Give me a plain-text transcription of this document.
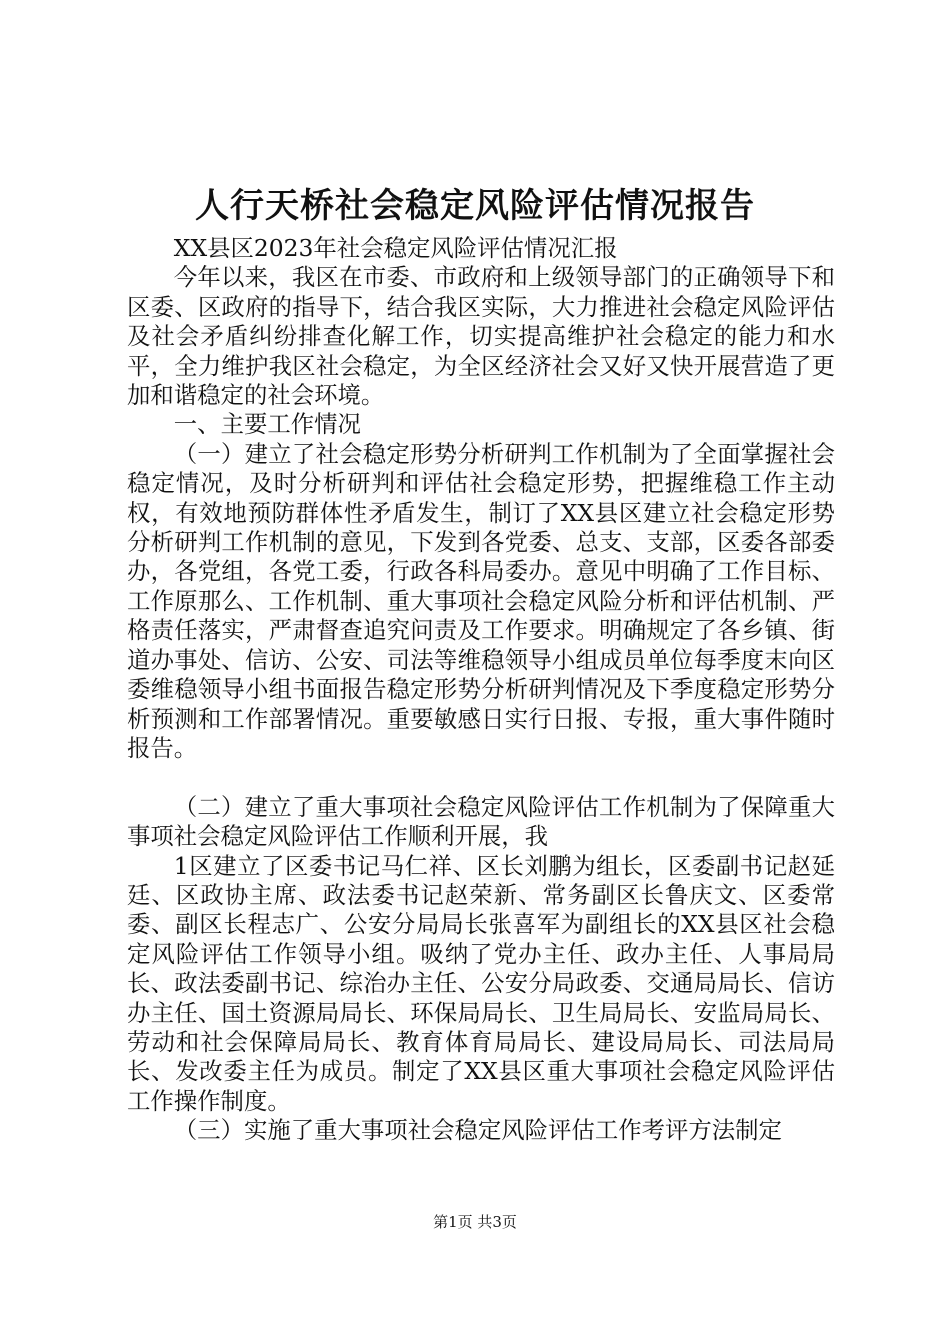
人行天桥社会稳定风险评估情况报告

XX县区2023年社会稳定风险评估情况汇报

今年以来，我区在市委、市政府和上级领导部门的正确领导下和区委、区政府的指导下，结合我区实际，大力推进社会稳定风险评估及社会矛盾纠纷排查化解工作，切实提高维护社会稳定的能力和水平，全力维护我区社会稳定，为全区经济社会又好又快开展营造了更加和谐稳定的社会环境。

一、主要工作情况

（一）建立了社会稳定形势分析研判工作机制为了全面掌握社会稳定情况，及时分析研判和评估社会稳定形势，把握维稳工作主动权，有效地预防群体性矛盾发生，制订了XX县区建立社会稳定形势分析研判工作机制的意见，下发到各党委、总支、支部，区委各部委办，各党组，各党工委，行政各科局委办。意见中明确了工作目标、工作原那么、工作机制、重大事项社会稳定风险分析和评估机制、严格责任落实，严肃督查追究问责及工作要求。明确规定了各乡镇、街道办事处、信访、公安、司法等维稳领导小组成员单位每季度末向区委维稳领导小组书面报告稳定形势分析研判情况及下季度稳定形势分析预测和工作部署情况。重要敏感日实行日报、专报，重大事件随时报告。

（二）建立了重大事项社会稳定风险评估工作机制为了保障重大事项社会稳定风险评估工作顺利开展，我

1区建立了区委书记马仁祥、区长刘鹏为组长，区委副书记赵延廷、区政协主席、政法委书记赵荣新、常务副区长鲁庆文、区委常委、副区长程志广、公安分局局长张喜军为副组长的XX县区社会稳定风险评估工作领导小组。吸纳了党办主任、政办主任、人事局局长、政法委副书记、综治办主任、公安分局政委、交通局局长、信访办主任、国土资源局局长、环保局局长、卫生局局长、安监局局长、劳动和社会保障局局长、教育体育局局长、建设局局长、司法局局长、发改委主任为成员。制定了XX县区重大事项社会稳定风险评估工作操作制度。

（三）实施了重大事项社会稳定风险评估工作考评方法制定

第1页 共3页
